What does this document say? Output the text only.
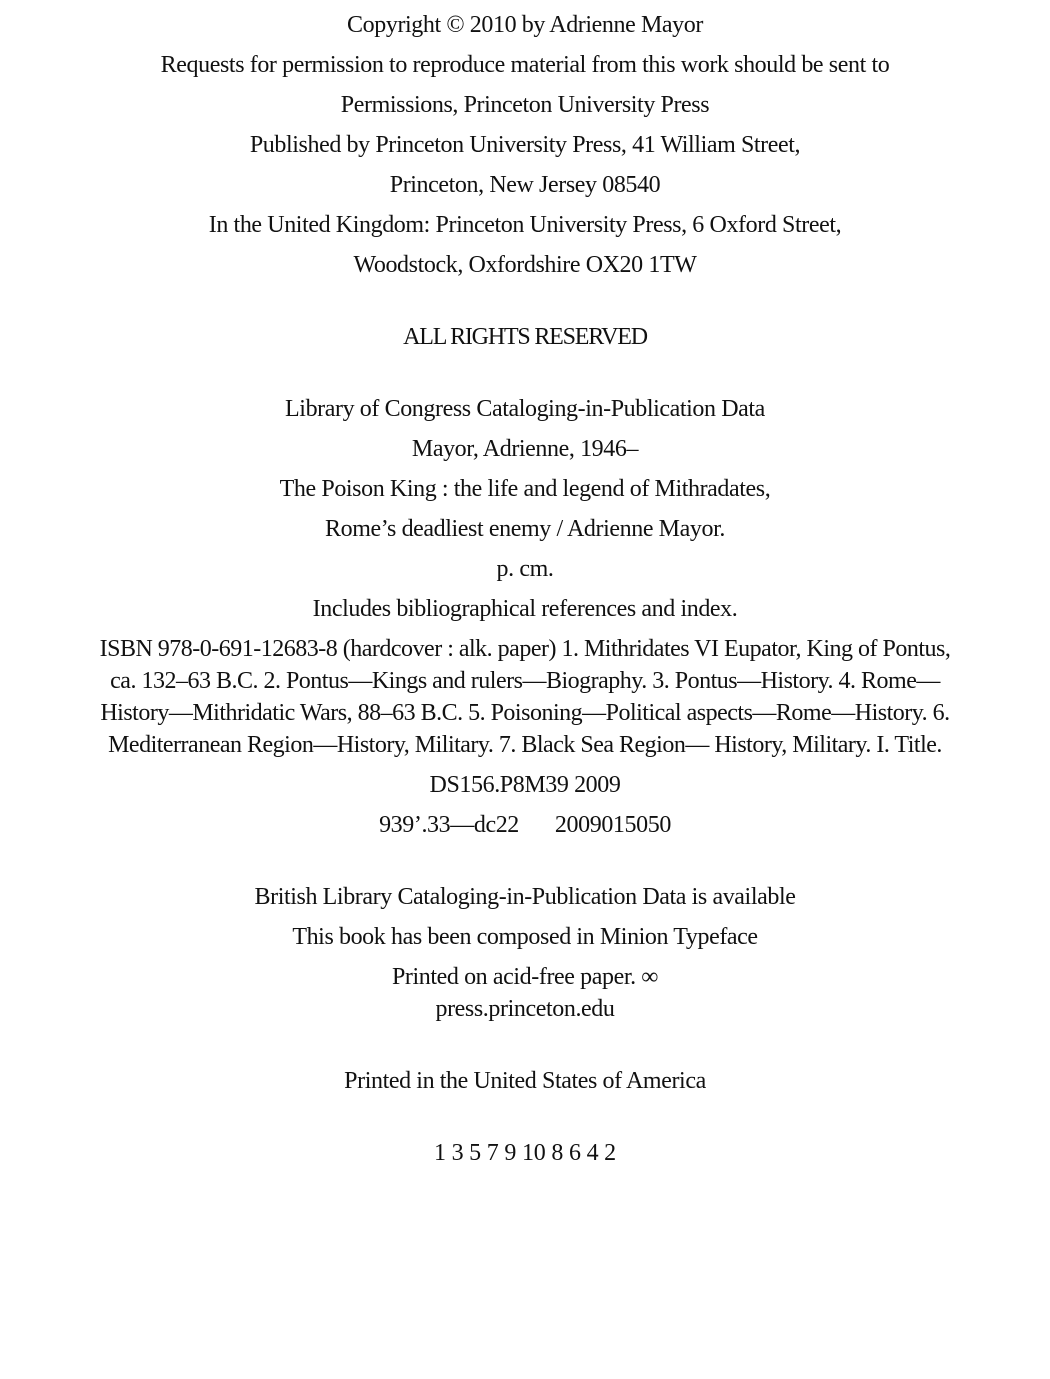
Copyright © 2010 by Adrienne Mayor
Requests for permission to reproduce material from this work should be sent to
Permissions, Princeton University Press
Published by Princeton University Press, 41 William Street,
Princeton, New Jersey 08540
In the United Kingdom: Princeton University Press, 6 Oxford Street,
Woodstock, Oxfordshire OX20 1TW
ALL RIGHTS RESERVED
Library of Congress Cataloging-in-Publication Data
Mayor, Adrienne, 1946–
The Poison King : the life and legend of Mithradates,
Rome’s deadliest enemy / Adrienne Mayor.
p. cm.
Includes bibliographical references and index.
ISBN 978-0-691-12683-8 (hardcover : alk. paper) 1. Mithridates VI Eupator, King of Pontus,
ca. 132–63 B.C. 2. Pontus—Kings and rulers—Biography. 3. Pontus—History. 4. Rome—
History—Mithridatic Wars, 88–63 B.C. 5. Poisoning—Political aspects—Rome—History. 6.
Mediterranean Region—History, Military. 7. Black Sea Region— History, Military. I. Title.
DS156.P8M39 2009
939’.33—dc22 2009015050
British Library Cataloging-in-Publication Data is available
This book has been composed in Minion Typeface
Printed on acid-free paper. ∞
press.princeton.edu
Printed in the United States of America
1 3 5 7 9 10 8 6 4 2
